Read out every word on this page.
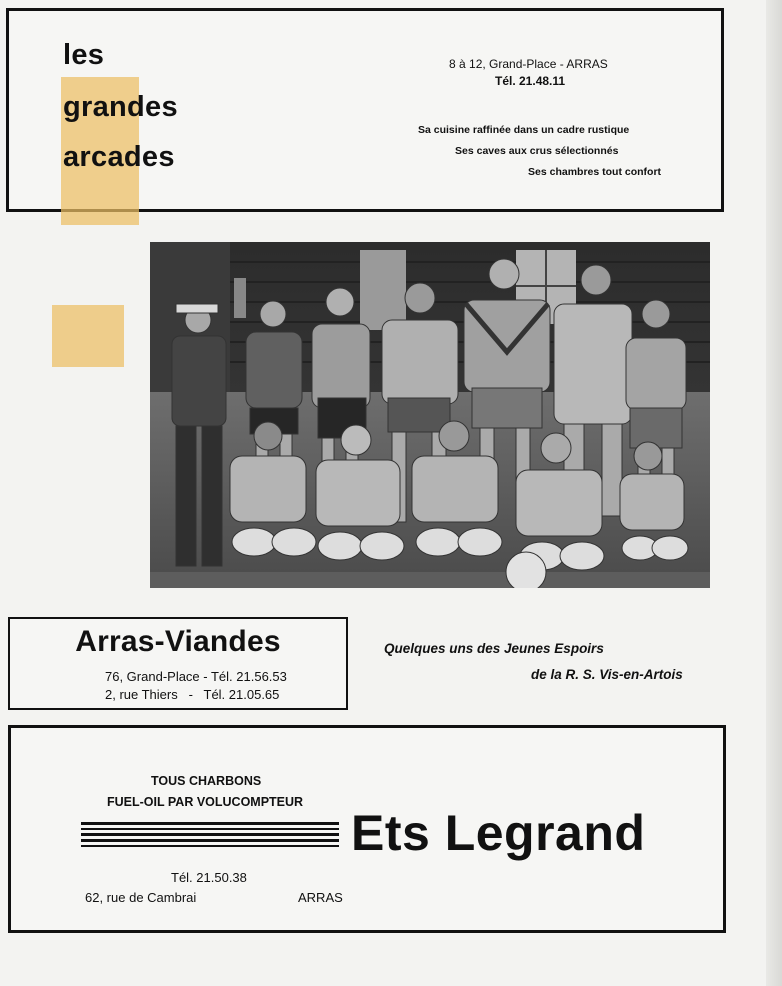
les
grandes
arcades
8 à 12, Grand-Place - ARRAS
Tél. 21.48.11
Sa cuisine raffinée dans un cadre rustique
Ses caves aux crus sélectionnés
Ses chambres tout confort
Arras-Viandes
76, Grand-Place - Tél. 21.56.53
2, rue Thiers   -   Tél. 21.05.65
Quelques uns des Jeunes Espoirs
de la R. S. Vis-en-Artois
TOUS CHARBONS
FUEL-OIL PAR VOLUCOMPTEUR
Ets Legrand
Tél. 21.50.38
62, rue de Cambrai	ARRAS
